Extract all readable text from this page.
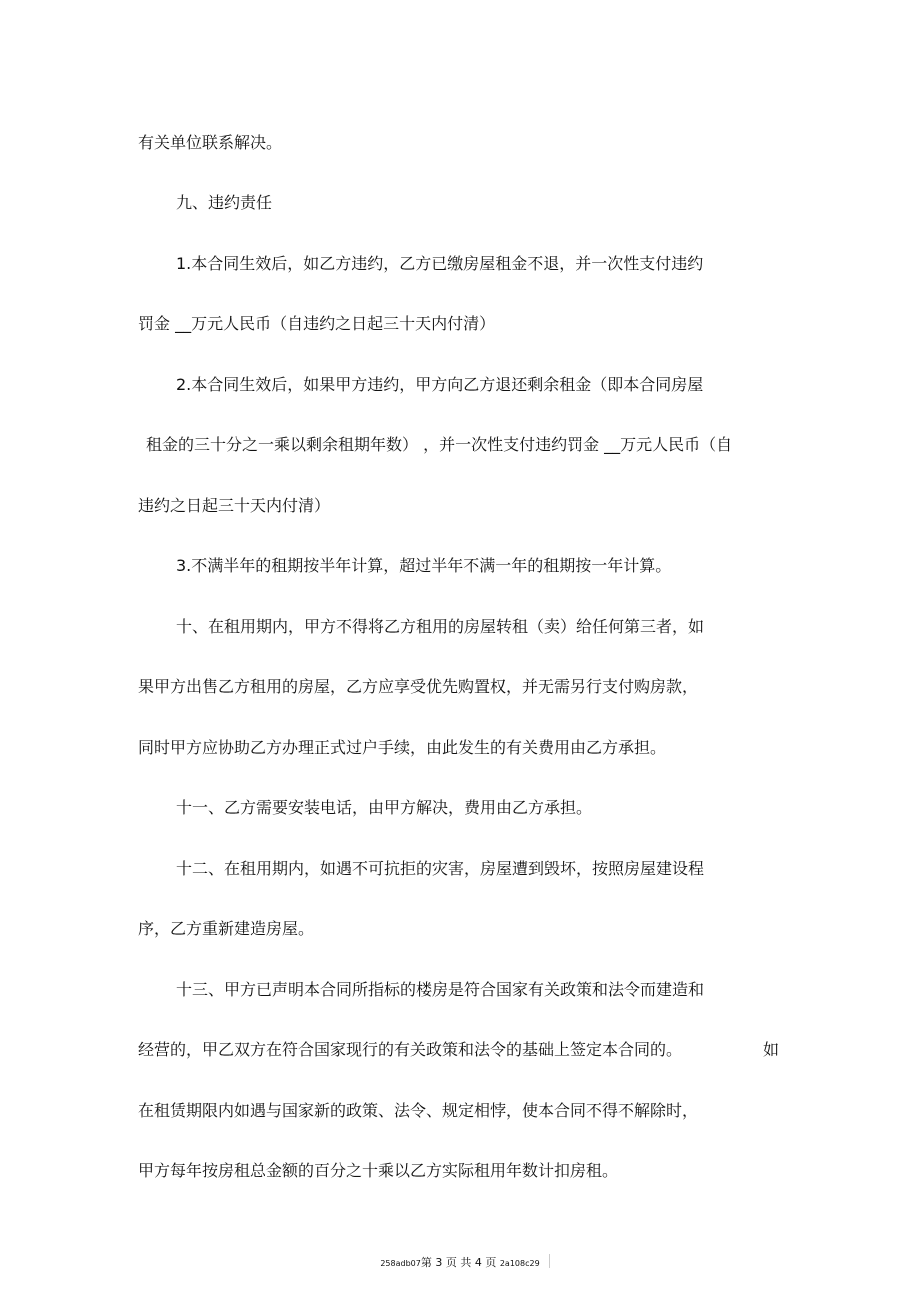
有关单位联系解决。

九、违约责任

1.本合同生效后，如乙方违约，乙方已缴房屋租金不退，并一次性支付违约

罚金 __万元人民币（自违约之日起三十天内付清）

2.本合同生效后，如果甲方违约，甲方向乙方退还剩余租金（即本合同房屋

租金的三十分之一乘以剩余租期年数） ，并一次性支付违约罚金 __万元人民币（自

违约之日起三十天内付清）

3.不满半年的租期按半年计算，超过半年不满一年的租期按一年计算。

十、在租用期内，甲方不得将乙方租用的房屋转租（卖）给任何第三者，如

果甲方出售乙方租用的房屋，乙方应享受优先购置权，并无需另行支付购房款，

同时甲方应协助乙方办理正式过户手续，由此发生的有关费用由乙方承担。

十一、乙方需要安装电话，由甲方解决，费用由乙方承担。

十二、在租用期内，如遇不可抗拒的灾害，房屋遭到毁坏，按照房屋建设程

序，乙方重新建造房屋。

十三、甲方已声明本合同所指标的楼房是符合国家有关政策和法令而建造和

经营的，甲乙双方在符合国家现行的有关政策和法令的基础上签定本合同的。	如

在租赁期限内如遇与国家新的政策、法令、规定相悖，使本合同不得不解除时，

甲方每年按房租总金额的百分之十乘以乙方实际租用年数计扣房租。

258adb07第 3 页 共 4 页 2a108c29
